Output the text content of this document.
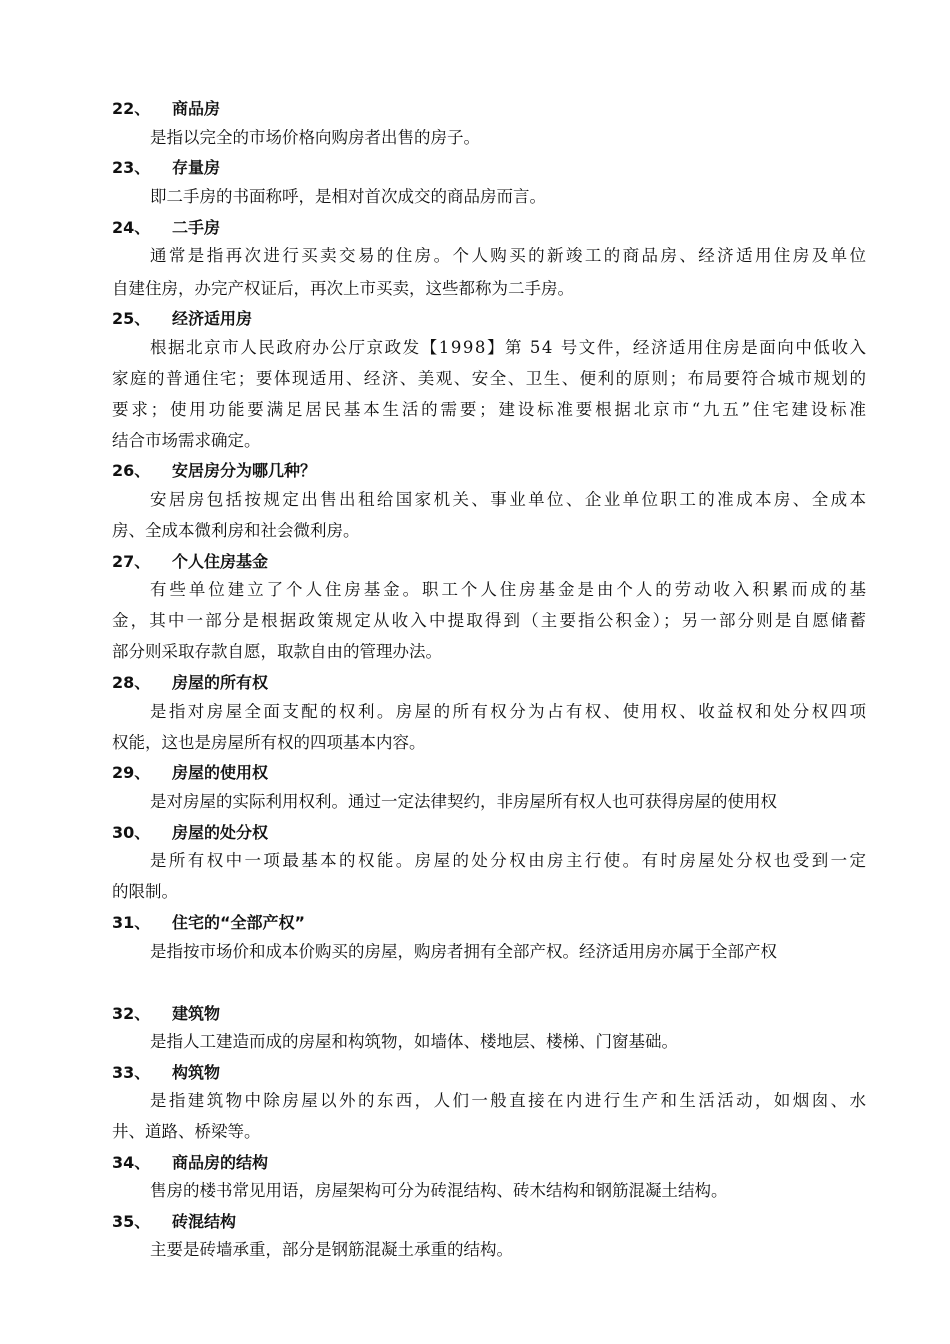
22、 商品房
是指以完全的市场价格向购房者出售的房子。
23、 存量房
即二手房的书面称呼，是相对首次成交的商品房而言。
24、 二手房
通常是指再次进行买卖交易的住房。个人购买的新竣工的商品房、经济适用住房及单位
自建住房，办完产权证后，再次上市买卖，这些都称为二手房。
25、 经济适用房
根据北京市人民政府办公厅京政发【1998】第 54 号文件，经济适用住房是面向中低收入
家庭的普通住宅；要体现适用、经济、美观、安全、卫生、便利的原则；布局要符合城市规划的
要求；使用功能要满足居民基本生活的需要；建设标准要根据北京市“九五”住宅建设标准
结合市场需求确定。
26、 安居房分为哪几种？
安居房包括按规定出售出租给国家机关、事业单位、企业单位职工的准成本房、全成本
房、全成本微利房和社会微利房。
27、 个人住房基金
有些单位建立了个人住房基金。职工个人住房基金是由个人的劳动收入积累而成的基
金，其中一部分是根据政策规定从收入中提取得到（主要指公积金）；另一部分则是自愿储蓄
部分则采取存款自愿，取款自由的管理办法。
28、 房屋的所有权
是指对房屋全面支配的权利。房屋的所有权分为占有权、使用权、收益权和处分权四项
权能，这也是房屋所有权的四项基本内容。
29、 房屋的使用权
是对房屋的实际利用权利。通过一定法律契约，非房屋所有权人也可获得房屋的使用权
30、 房屋的处分权
是所有权中一项最基本的权能。房屋的处分权由房主行使。有时房屋处分权也受到一定
的限制。
31、 住宅的“全部产权”
是指按市场价和成本价购买的房屋，购房者拥有全部产权。经济适用房亦属于全部产权
32、 建筑物
是指人工建造而成的房屋和构筑物，如墙体、楼地层、楼梯、门窗基础。
33、 构筑物
是指建筑物中除房屋以外的东西，人们一般直接在内进行生产和生活活动，如烟囱、水
井、道路、桥梁等。
34、 商品房的结构
售房的楼书常见用语，房屋架构可分为砖混结构、砖木结构和钢筋混凝土结构。
35、 砖混结构
主要是砖墙承重，部分是钢筋混凝土承重的结构。
